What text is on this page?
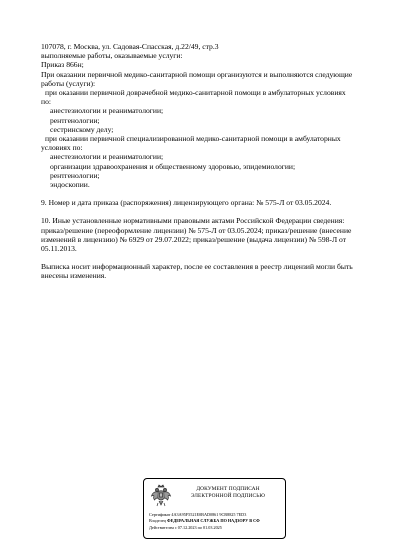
107078, г. Москва, ул. Садовая-Спасская, д.22/49, стр.3

выполняемые работы, оказываемые услуги:

Приказ 866н;

При оказании первичной медико-санитарной помощи организуются и выполняются следующие

работы (услуги):

при оказании первичной доврачебной медико-санитарной помощи в амбулаторных условиях

по:

анестезиологии и реаниматологии;

рентгенологии;

сестринскому делу;

при оказании первичной специализированной медико-санитарной помощи в амбулаторных

условиях по:

анестезиологии и реаниматологии;

организации здравоохранения и общественному здоровью, эпидемиологии;

рентгенологии;

эндоскопии.

9. Номер и дата приказа (распоряжения) лицензирующего органа: № 575-Л от 03.05.2024.

10. Иные установленные нормативными правовыми актами Российской Федерации сведения:

приказ/решение (переоформление лицензии) № 575-Л от 03.05.2024; приказ/решение (внесение

изменений в лицензию) № 6929 от 29.07.2022; приказ/решение (выдача лицензии) № 598-Л от

05.11.2013.

Выписка носит информационный характер, после ее составления в реестр лицензий могли быть

внесены изменения.

ДОКУМЕНТ ПОДПИСАН
ЭЛЕКТРОННОЙ ПОДПИСЬЮ
Сертификат 4A3A95F5521E0BAD0861 9CB8825 7ED3
Владелец ФЕДЕРАЛЬНАЯ СЛУЖБА ПО НАДЗОРУ В СФ
Действителен с 07.12.2023 по 01.03.2025
